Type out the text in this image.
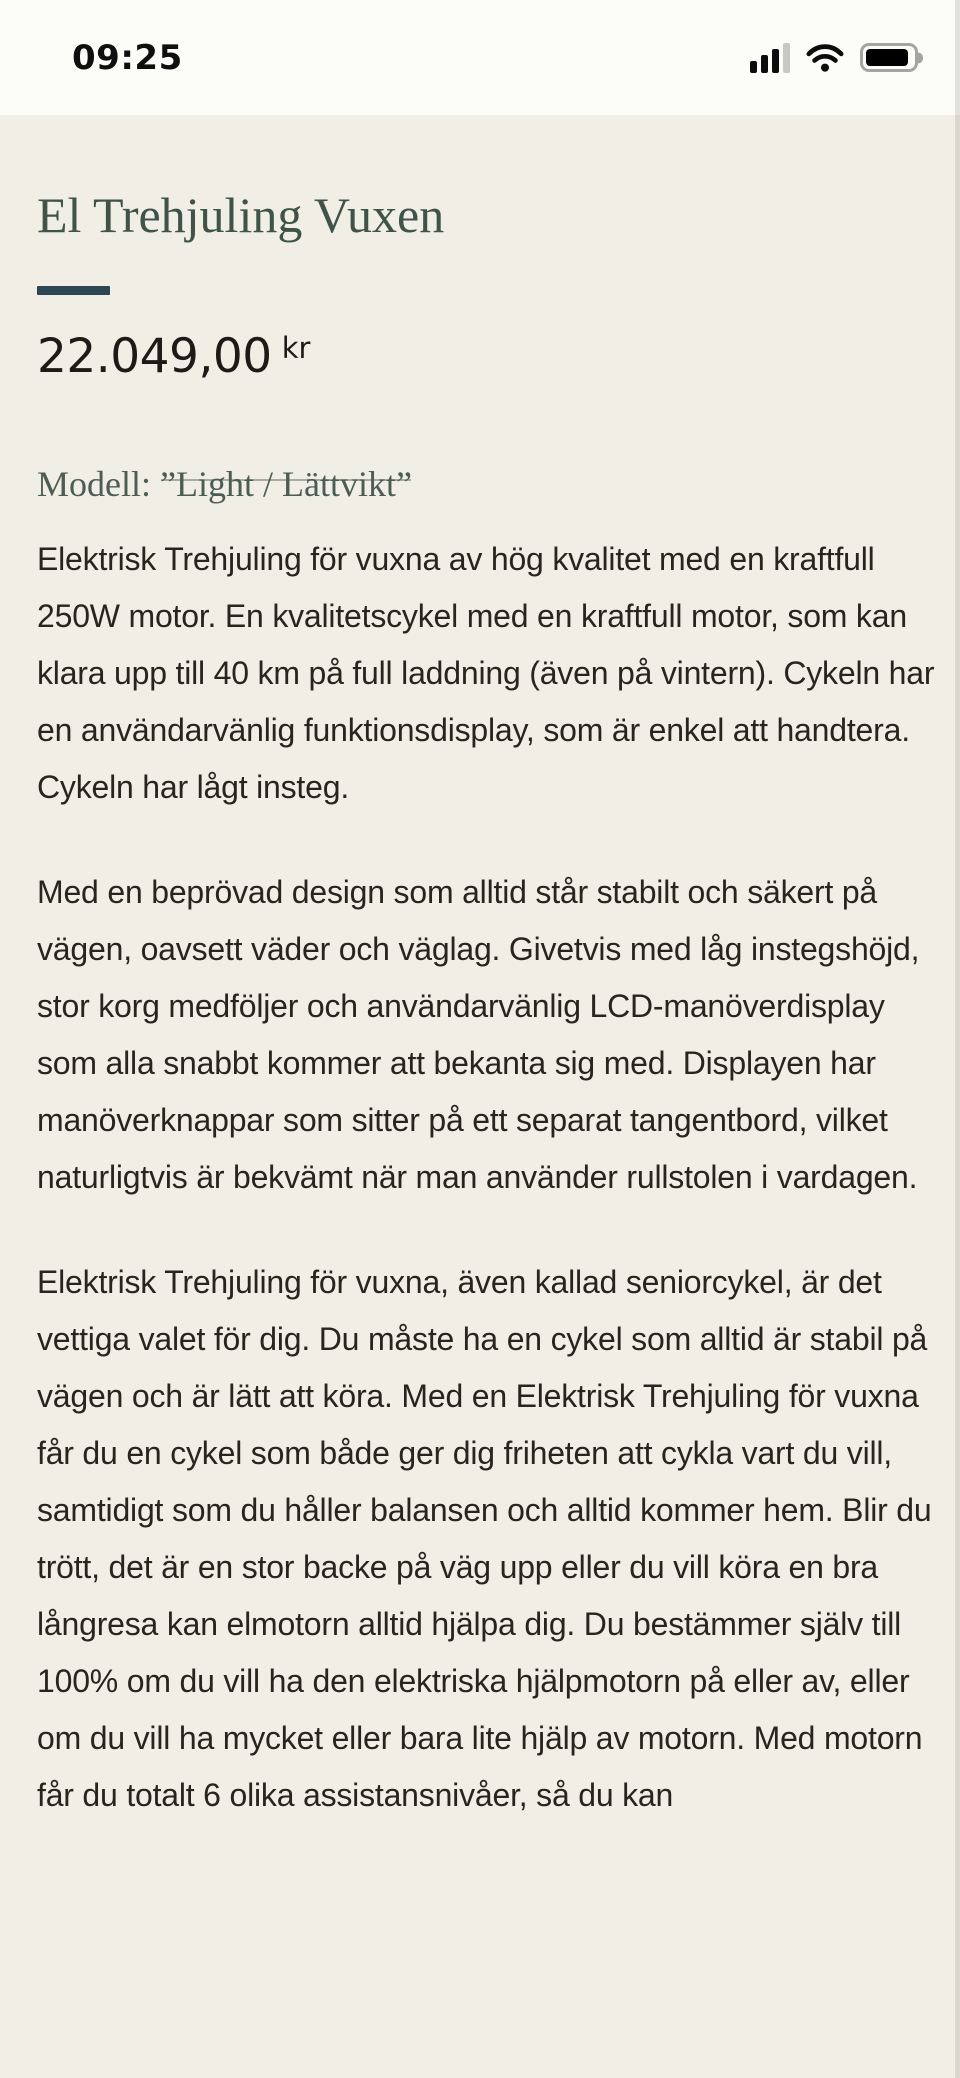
09:25
El Trehjuling Vuxen
22.049,00 kr
Modell: ”Light / Lättvikt”

Elektrisk Trehjuling för vuxna av hög kvalitet med en kraftfull 250W motor. En kvalitetscykel med en kraftfull motor, som kan klara upp till 40 km på full laddning (även på vintern). Cykeln har en användarvänlig funktionsdisplay, som är enkel att handtera. Cykeln har lågt insteg.

Med en beprövad design som alltid står stabilt och säkert på vägen, oavsett väder och väglag. Givetvis med låg instegshöjd, stor korg medföljer och användarvänlig LCD-manöverdisplay som alla snabbt kommer att bekanta sig med. Displayen har manöverknappar som sitter på ett separat tangentbord, vilket naturligtvis är bekvämt när man använder rullstolen i vardagen.

Elektrisk Trehjuling för vuxna, även kallad seniorcykel, är det vettiga valet för dig. Du måste ha en cykel som alltid är stabil på vägen och är lätt att köra. Med en Elektrisk Trehjuling för vuxna får du en cykel som både ger dig friheten att cykla vart du vill, samtidigt som du håller balansen och alltid kommer hem. Blir du trött, det är en stor backe på väg upp eller du vill köra en bra långresa kan elmotorn alltid hjälpa dig. Du bestämmer själv till 100% om du vill ha den elektriska hjälpmotorn på eller av, eller om du vill ha mycket eller bara lite hjälp av motorn. Med motorn får du totalt 6 olika assistansnivåer, så du kan
